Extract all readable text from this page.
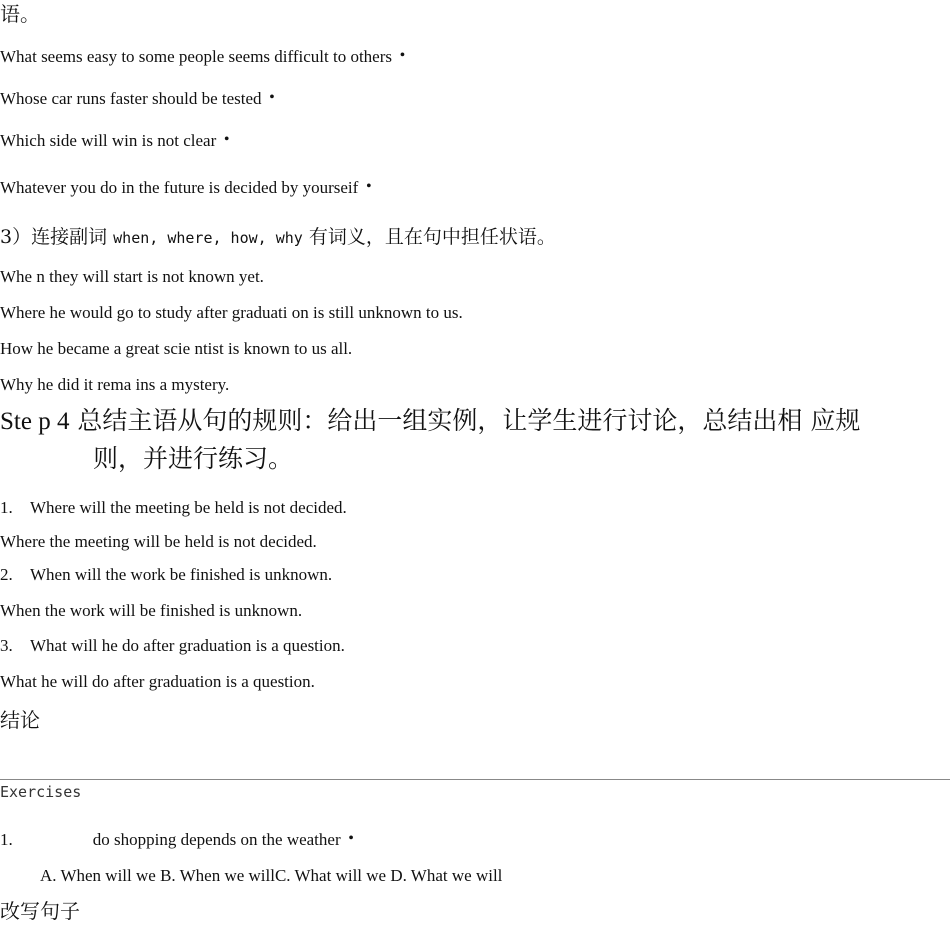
语。
What seems easy to some people seems difficult to others •
Whose car runs faster should be tested •
Which side will win is not clear •
Whatever you do in the future is decided by yourseif •
3）连接副词 when, where, how, why 有词义，且在句中担任状语。
Whe n they will start is not known yet.
Where he would go to study after graduati on is still unknown to us.
How he became a great scie ntist is known to us all.
Why he did it rema ins a mystery.
Ste p 4 总结主语从句的规则：给出一组实例，让学生进行讨论，总结出相 应规
则，并进行练习。
1. Where will the meeting be held is not decided.
Where the meeting will be held is not decided.
2. When will the work be finished is unknown.
When the work will be finished is unknown.
3. What will he do after graduation is a question.
What he will do after graduation is a question.
结论
Exercises
1.	do shopping depends on the weather •
A. When will we B. When we willC. What will we D. What we will
改写句子
